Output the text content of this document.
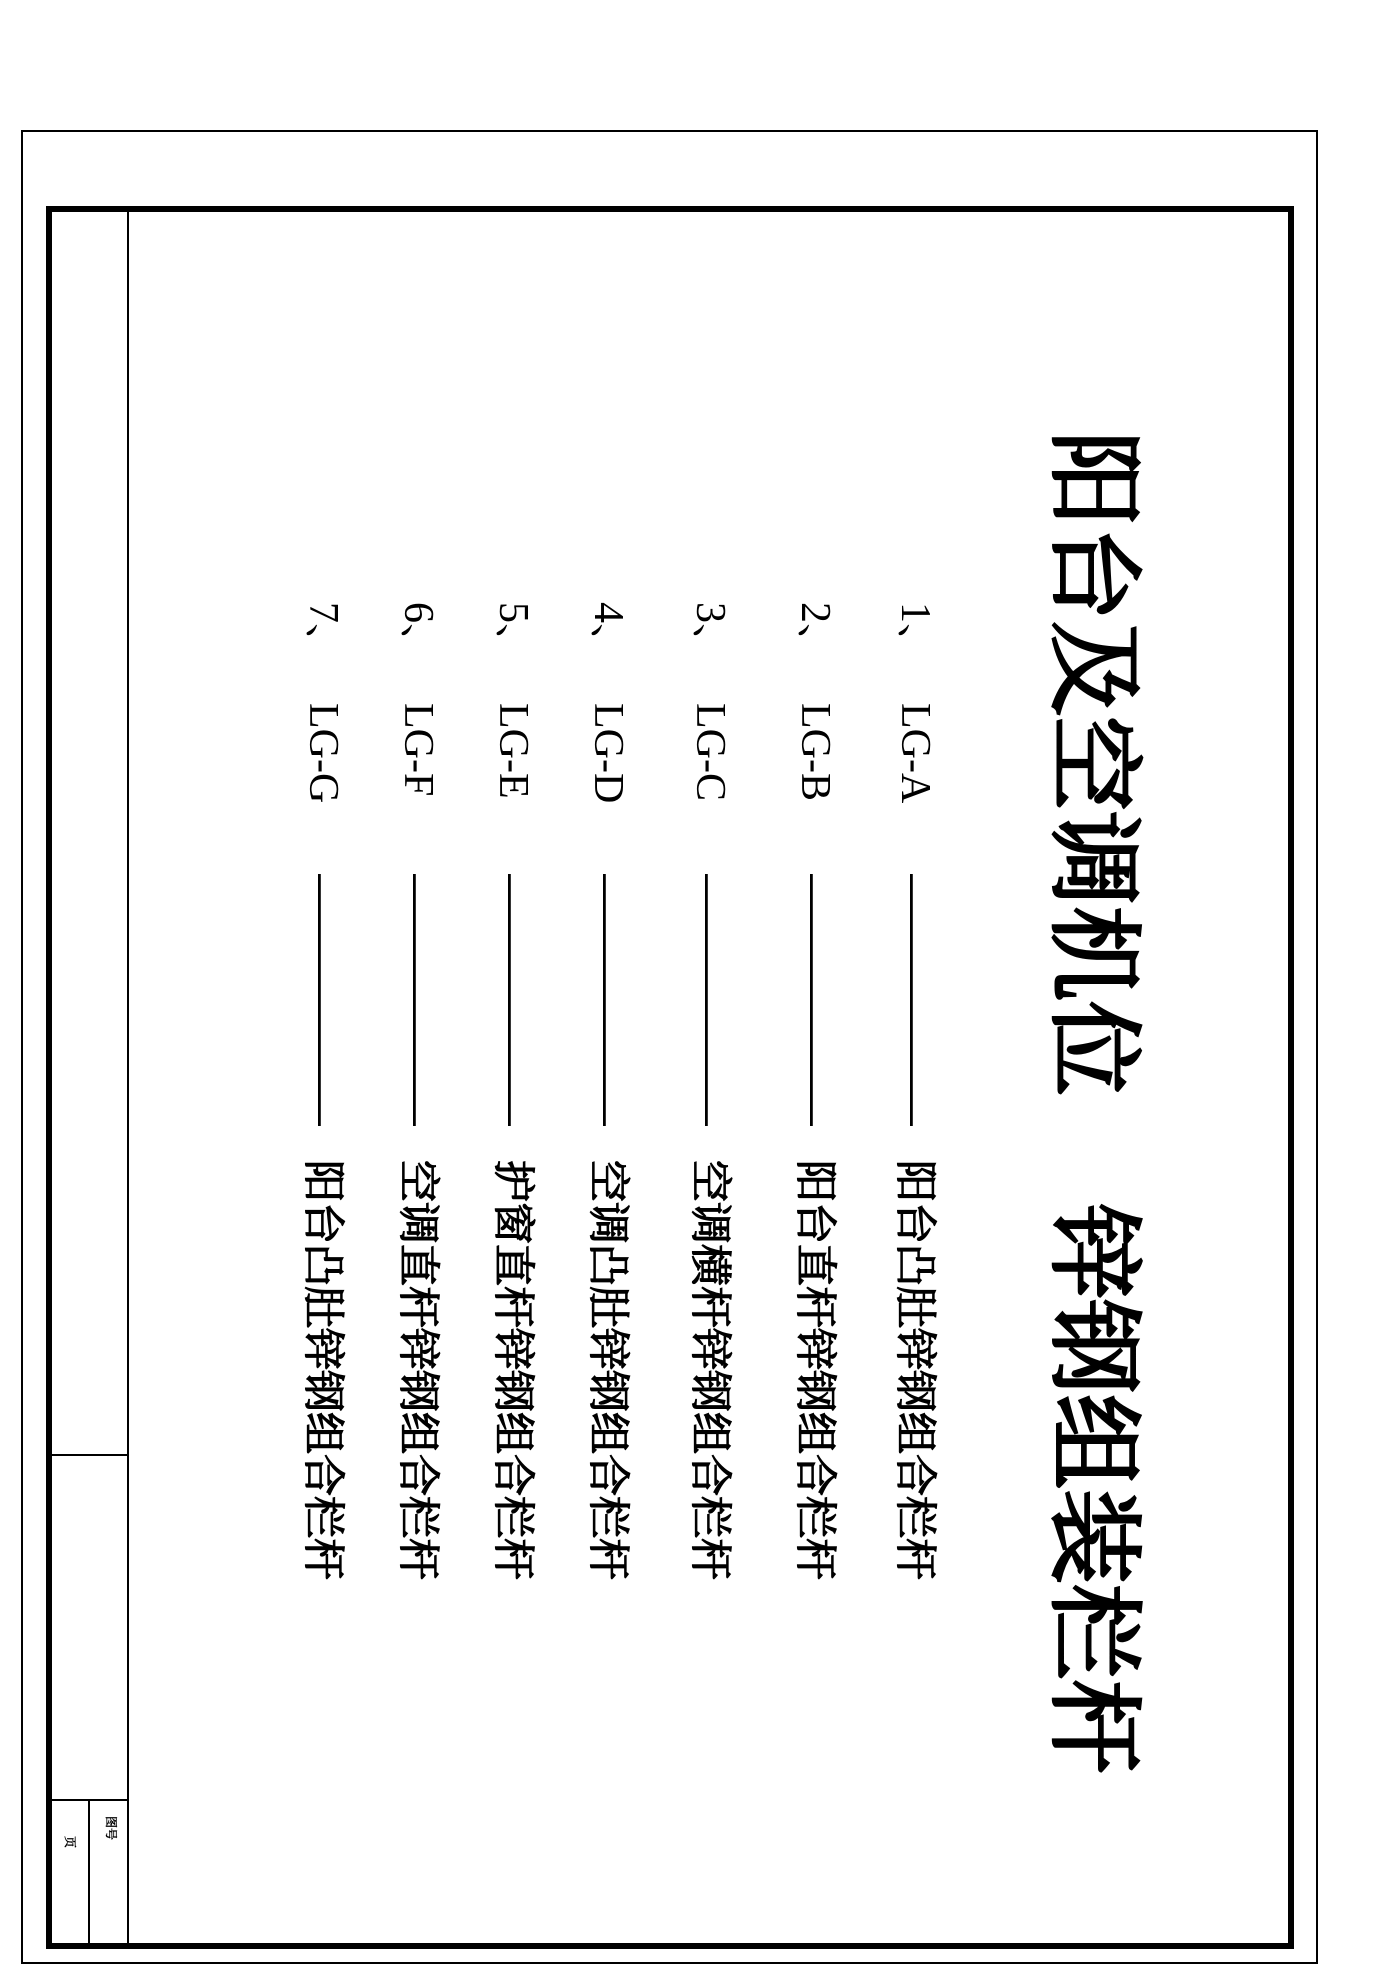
图号
页
阳台及空调机位
锌钢组装栏杆
1、
LG-A
——————
阳台凸肚锌钢组合栏杆
2、
LG-B
——————
阳台直杆锌钢组合栏杆
3、
LG-C
——————
空调横杆锌钢组合栏杆
4、
LG-D
——————
空调凸肚锌钢组合栏杆
5、
LG-E
——————
护窗直杆锌钢组合栏杆
6、
LG-F
——————
空调直杆锌钢组合栏杆
7、
LG-G
——————
阳台凸肚锌钢组合栏杆
